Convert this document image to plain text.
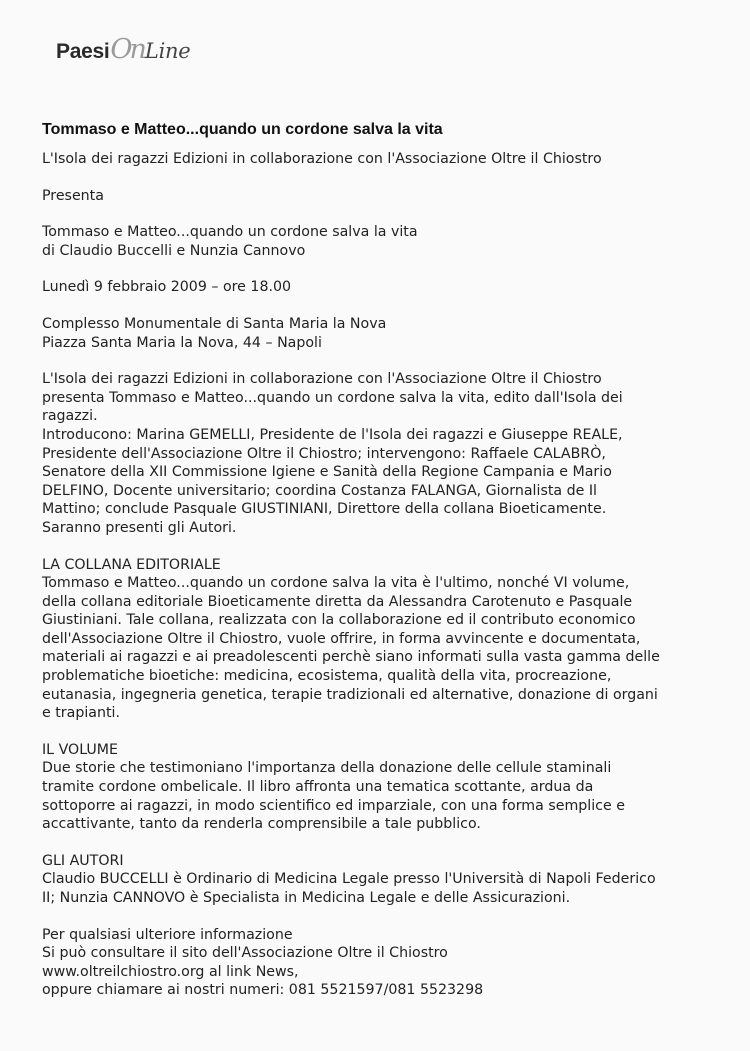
Paesi On Line
Tommaso e Matteo...quando un cordone salva la vita

L'Isola dei ragazzi Edizioni in collaborazione con l'Associazione Oltre il Chiostro

Presenta

Tommaso e Matteo...quando un cordone salva la vita

di Claudio Buccelli e Nunzia Cannovo

Lunedì 9 febbraio 2009 – ore 18.00

Complesso Monumentale di Santa Maria la Nova

Piazza Santa Maria la Nova, 44 – Napoli

L'Isola dei ragazzi Edizioni in collaborazione con l'Associazione Oltre il Chiostro

presenta Tommaso e Matteo...quando un cordone salva la vita, edito dall'Isola dei

ragazzi.

Introducono: Marina GEMELLI, Presidente de l'Isola dei ragazzi e Giuseppe REALE,

Presidente dell'Associazione Oltre il Chiostro; intervengono: Raffaele CALABRÒ,

Senatore della XII Commissione Igiene e Sanità della Regione Campania e Mario

DELFINO, Docente universitario; coordina Costanza FALANGA, Giornalista de Il

Mattino; conclude Pasquale GIUSTINIANI, Direttore della collana Bioeticamente.

Saranno presenti gli Autori.

LA COLLANA EDITORIALE

Tommaso e Matteo...quando un cordone salva la vita è l'ultimo, nonché VI volume,

della collana editoriale Bioeticamente diretta da Alessandra Carotenuto e Pasquale

Giustiniani. Tale collana, realizzata con la collaborazione ed il contributo economico

dell'Associazione Oltre il Chiostro, vuole offrire, in forma avvincente e documentata,

materiali ai ragazzi e ai preadolescenti perchè siano informati sulla vasta gamma delle

problematiche bioetiche: medicina, ecosistema, qualità della vita, procreazione,

eutanasia, ingegneria genetica, terapie tradizionali ed alternative, donazione di organi

e trapianti.

IL VOLUME

Due storie che testimoniano l'importanza della donazione delle cellule staminali

tramite cordone ombelicale. Il libro affronta una tematica scottante, ardua da

sottoporre ai ragazzi, in modo scientifico ed imparziale, con una forma semplice e

accattivante, tanto da renderla comprensibile a tale pubblico.

GLI AUTORI

Claudio BUCCELLI è Ordinario di Medicina Legale presso l'Università di Napoli Federico

II; Nunzia CANNOVO è Specialista in Medicina Legale e delle Assicurazioni.

Per qualsiasi ulteriore informazione

Si può consultare il sito dell'Associazione Oltre il Chiostro

www.oltreilchiostro.org al link News,

oppure chiamare ai nostri numeri: 081 5521597/081 5523298
